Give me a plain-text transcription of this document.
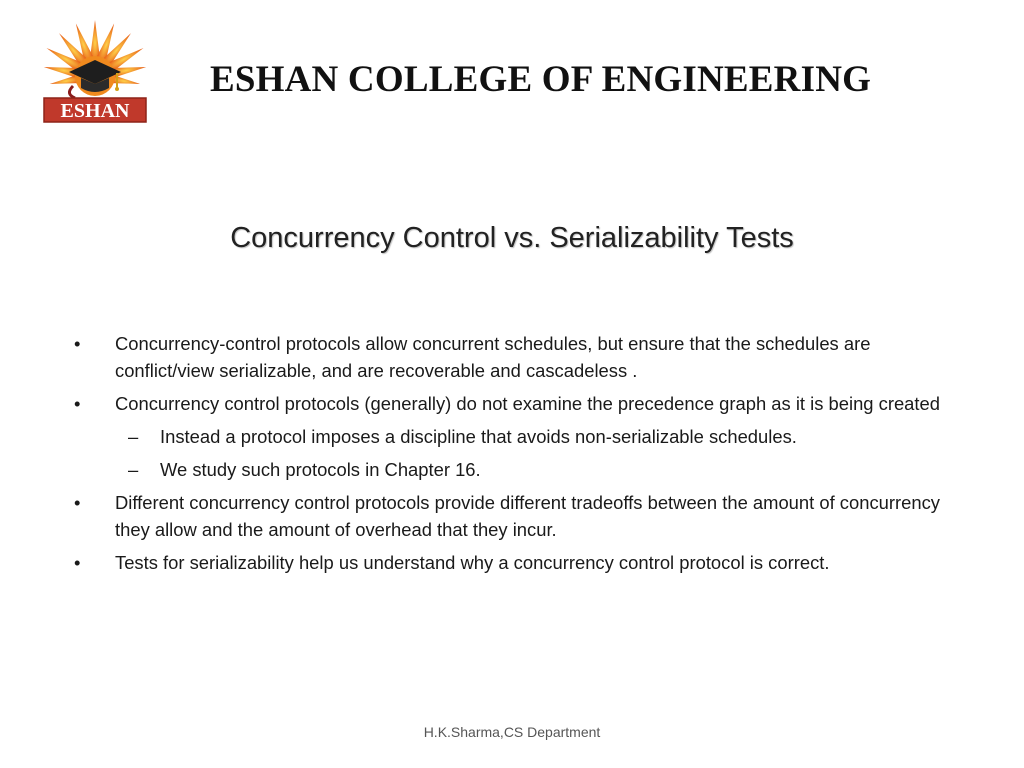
ESHAN
ESHAN COLLEGE OF ENGINEERING
Concurrency Control vs. Serializability Tests
• Concurrency-control protocols allow concurrent schedules, but ensure that the schedules are conflict/view serializable, and are recoverable and cascadeless .
• Concurrency control protocols (generally) do not examine the precedence graph as it is being created
– Instead a protocol imposes a discipline that avoids non-serializable schedules.
– We study such protocols in Chapter 16.
• Different concurrency control protocols provide different tradeoffs between the amount of concurrency they allow and the amount of overhead that they incur.
• Tests for serializability help us understand why a concurrency control protocol is correct.
H.K.Sharma,CS Department
